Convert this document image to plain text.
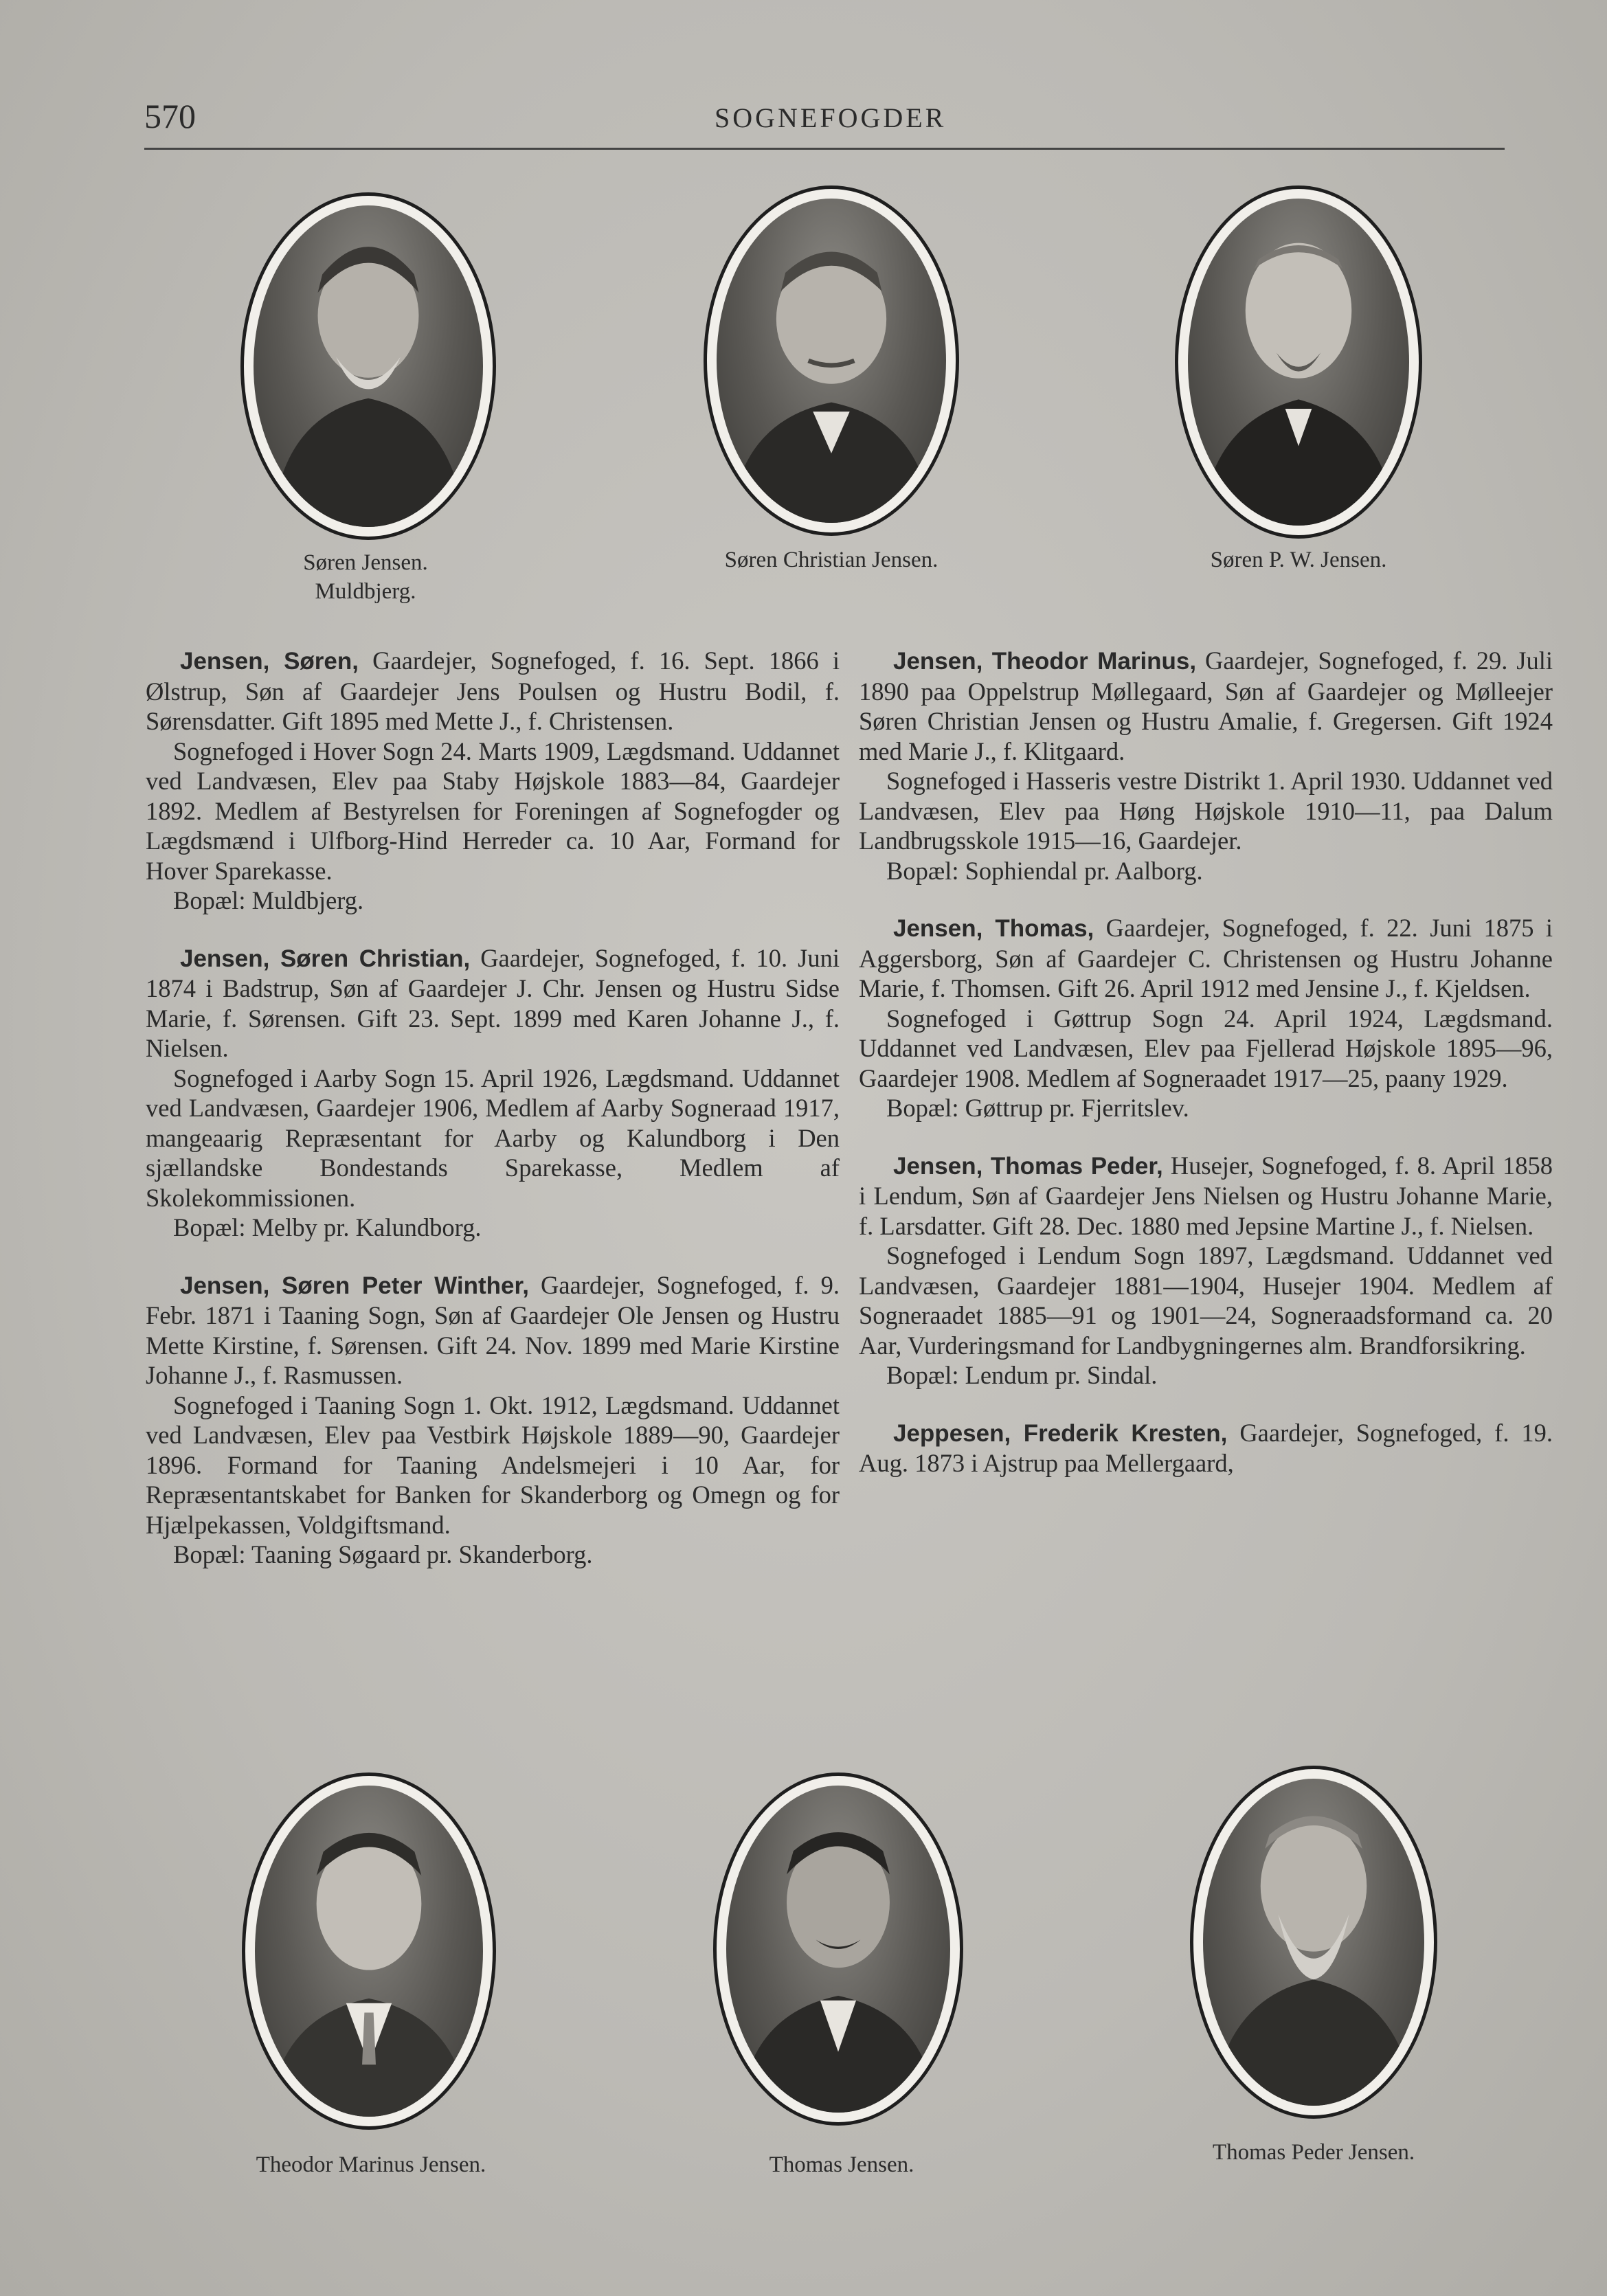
570	SOGNEFOGDER
Søren Jensen.
Muldbjerg.
Søren Christian Jensen.	Søren P. W. Jensen.

Jensen, Søren, Gaardejer, Sognefoged, f. 16. Sept. 1866 i Ølstrup, Søn af Gaardejer Jens Poulsen og Hustru Bodil, f. Sørensdatter. Gift 1895 med Mette J., f. Christensen.

Sognefoged i Hover Sogn 24. Marts 1909, Lægdsmand. Uddannet ved Landvæsen, Elev paa Staby Højskole 1883—84, Gaardejer 1892. Medlem af Bestyrelsen for Foreningen af Sognefogder og Lægdsmænd i Ulfborg-Hind Herreder ca. 10 Aar, Formand for Hover Sparekasse.

Bopæl: Muldbjerg.

Jensen, Søren Christian, Gaardejer, Sognefoged, f. 10. Juni 1874 i Badstrup, Søn af Gaardejer J. Chr. Jensen og Hustru Sidse Marie, f. Sørensen. Gift 23. Sept. 1899 med Karen Johanne J., f. Nielsen.

Sognefoged i Aarby Sogn 15. April 1926, Lægdsmand. Uddannet ved Landvæsen, Gaardejer 1906, Medlem af Aarby Sogneraad 1917, mangeaarig Repræsentant for Aarby og Kalundborg i Den sjællandske Bondestands Sparekasse, Medlem af Skolekommissionen.

Bopæl: Melby pr. Kalundborg.

Jensen, Søren Peter Winther, Gaardejer, Sognefoged, f. 9. Febr. 1871 i Taaning Sogn, Søn af Gaardejer Ole Jensen og Hustru Mette Kirstine, f. Sørensen. Gift 24. Nov. 1899 med Marie Kirstine Johanne J., f. Rasmussen.

Sognefoged i Taaning Sogn 1. Okt. 1912, Lægdsmand. Uddannet ved Landvæsen, Elev paa Vestbirk Højskole 1889—90, Gaardejer 1896. Formand for Taaning Andelsmejeri i 10 Aar, for Repræsentantskabet for Banken for Skanderborg og Omegn og for Hjælpekassen, Voldgiftsmand.

Bopæl: Taaning Søgaard pr. Skanderborg.

Jensen, Theodor Marinus, Gaardejer, Sognefoged, f. 29. Juli 1890 paa Oppelstrup Møllegaard, Søn af Gaardejer og Mølleejer Søren Christian Jensen og Hustru Amalie, f. Gregersen. Gift 1924 med Marie J., f. Klitgaard.

Sognefoged i Hasseris vestre Distrikt 1. April 1930. Uddannet ved Landvæsen, Elev paa Høng Højskole 1910—11, paa Dalum Landbrugsskole 1915—16, Gaardejer.

Bopæl: Sophiendal pr. Aalborg.

Jensen, Thomas, Gaardejer, Sognefoged, f. 22. Juni 1875 i Aggersborg, Søn af Gaardejer C. Christensen og Hustru Johanne Marie, f. Thomsen. Gift 26. April 1912 med Jensine J., f. Kjeldsen.

Sognefoged i Gøttrup Sogn 24. April 1924, Lægdsmand. Uddannet ved Landvæsen, Elev paa Fjellerad Højskole 1895—96, Gaardejer 1908. Medlem af Sogneraadet 1917—25, paany 1929.

Bopæl: Gøttrup pr. Fjerritslev.

Jensen, Thomas Peder, Husejer, Sognefoged, f. 8. April 1858 i Lendum, Søn af Gaardejer Jens Nielsen og Hustru Johanne Marie, f. Larsdatter. Gift 28. Dec. 1880 med Jepsine Martine J., f. Nielsen.

Sognefoged i Lendum Sogn 1897, Lægdsmand. Uddannet ved Landvæsen, Gaardejer 1881—1904, Husejer 1904. Medlem af Sogneraadet 1885—91 og 1901—24, Sogneraadsformand ca. 20 Aar, Vurderingsmand for Landbygningernes alm. Brandforsikring.

Bopæl: Lendum pr. Sindal.

Jeppesen, Frederik Kresten, Gaardejer, Sognefoged, f. 19. Aug. 1873 i Ajstrup paa Mellergaard,

Theodor Marinus Jensen.	Thomas Jensen.	Thomas Peder Jensen.
